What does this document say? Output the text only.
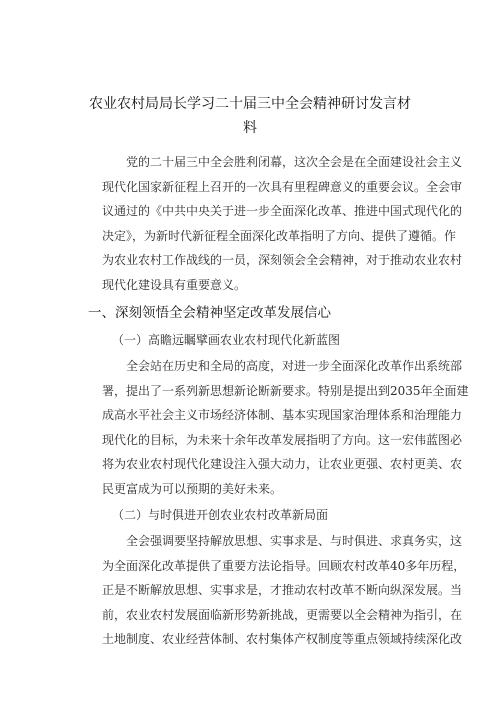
农业农村局局长学习二十届三中全会精神研讨发言材
料
党的二十届三中全会胜利闭幕，这次全会是在全面建设社会主义
现代化国家新征程上召开的一次具有里程碑意义的重要会议。全会审
议通过的《中共中央关于进一步全面深化改革、推进中国式现代化的
决定》，为新时代新征程全面深化改革指明了方向、提供了遵循。作
为农业农村工作战线的一员，深刻领会全会精神，对于推动农业农村
现代化建设具有重要意义。
一、深刻领悟全会精神坚定改革发展信心
（一）高瞻远瞩擘画农业农村现代化新蓝图
全会站在历史和全局的高度，对进一步全面深化改革作出系统部
署，提出了一系列新思想新论断新要求。特别是提出到2035年全面建
成高水平社会主义市场经济体制、基本实现国家治理体系和治理能力
现代化的目标，为未来十余年改革发展指明了方向。这一宏伟蓝图必
将为农业农村现代化建设注入强大动力，让农业更强、农村更美、农
民更富成为可以预期的美好未来。
（二）与时俱进开创农业农村改革新局面
全会强调要坚持解放思想、实事求是、与时俱进、求真务实，这
为全面深化改革提供了重要方法论指导。回顾农村改革40多年历程，
正是不断解放思想、实事求是，才推动农村改革不断向纵深发展。当
前，农业农村发展面临新形势新挑战，更需要以全会精神为指引，在
土地制度、农业经营体制、农村集体产权制度等重点领域持续深化改
